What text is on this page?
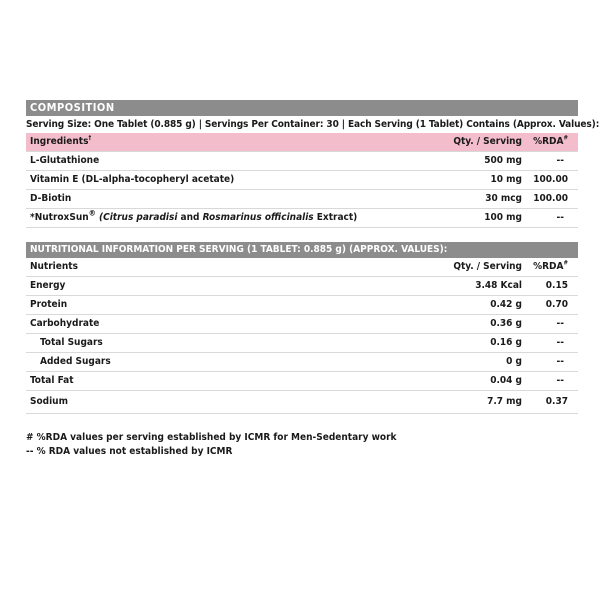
COMPOSITION
Serving Size: One Tablet (0.885 g) | Servings Per Container: 30 | Each Serving (1 Tablet) Contains (Approx. Values):
Ingredients†	Qty. / Serving %RDA#
L-Glutathione	500 mg	--
Vitamin E (DL-alpha-tocopheryl acetate)	10 mg 100.00
D-Biotin	30 mcg 100.00
*NutroxSun® (Citrus paradisi and Rosmarinus officinalis Extract)	100 mg	--
NUTRITIONAL INFORMATION PER SERVING (1 TABLET: 0.885 g) (APPROX. VALUES):
Nutrients	Qty. / Serving %RDA#
Energy	3.48 Kcal 0.15
Protein	0.42 g 0.70
Carbohydrate	0.36 g	--
Total Sugars	0.16 g	--
Added Sugars	0 g	--
Total Fat	0.04 g	--
Sodium	7.7 mg 0.37
# %RDA values per serving established by ICMR for Men-Sedentary work
-- % RDA values not established by ICMR
